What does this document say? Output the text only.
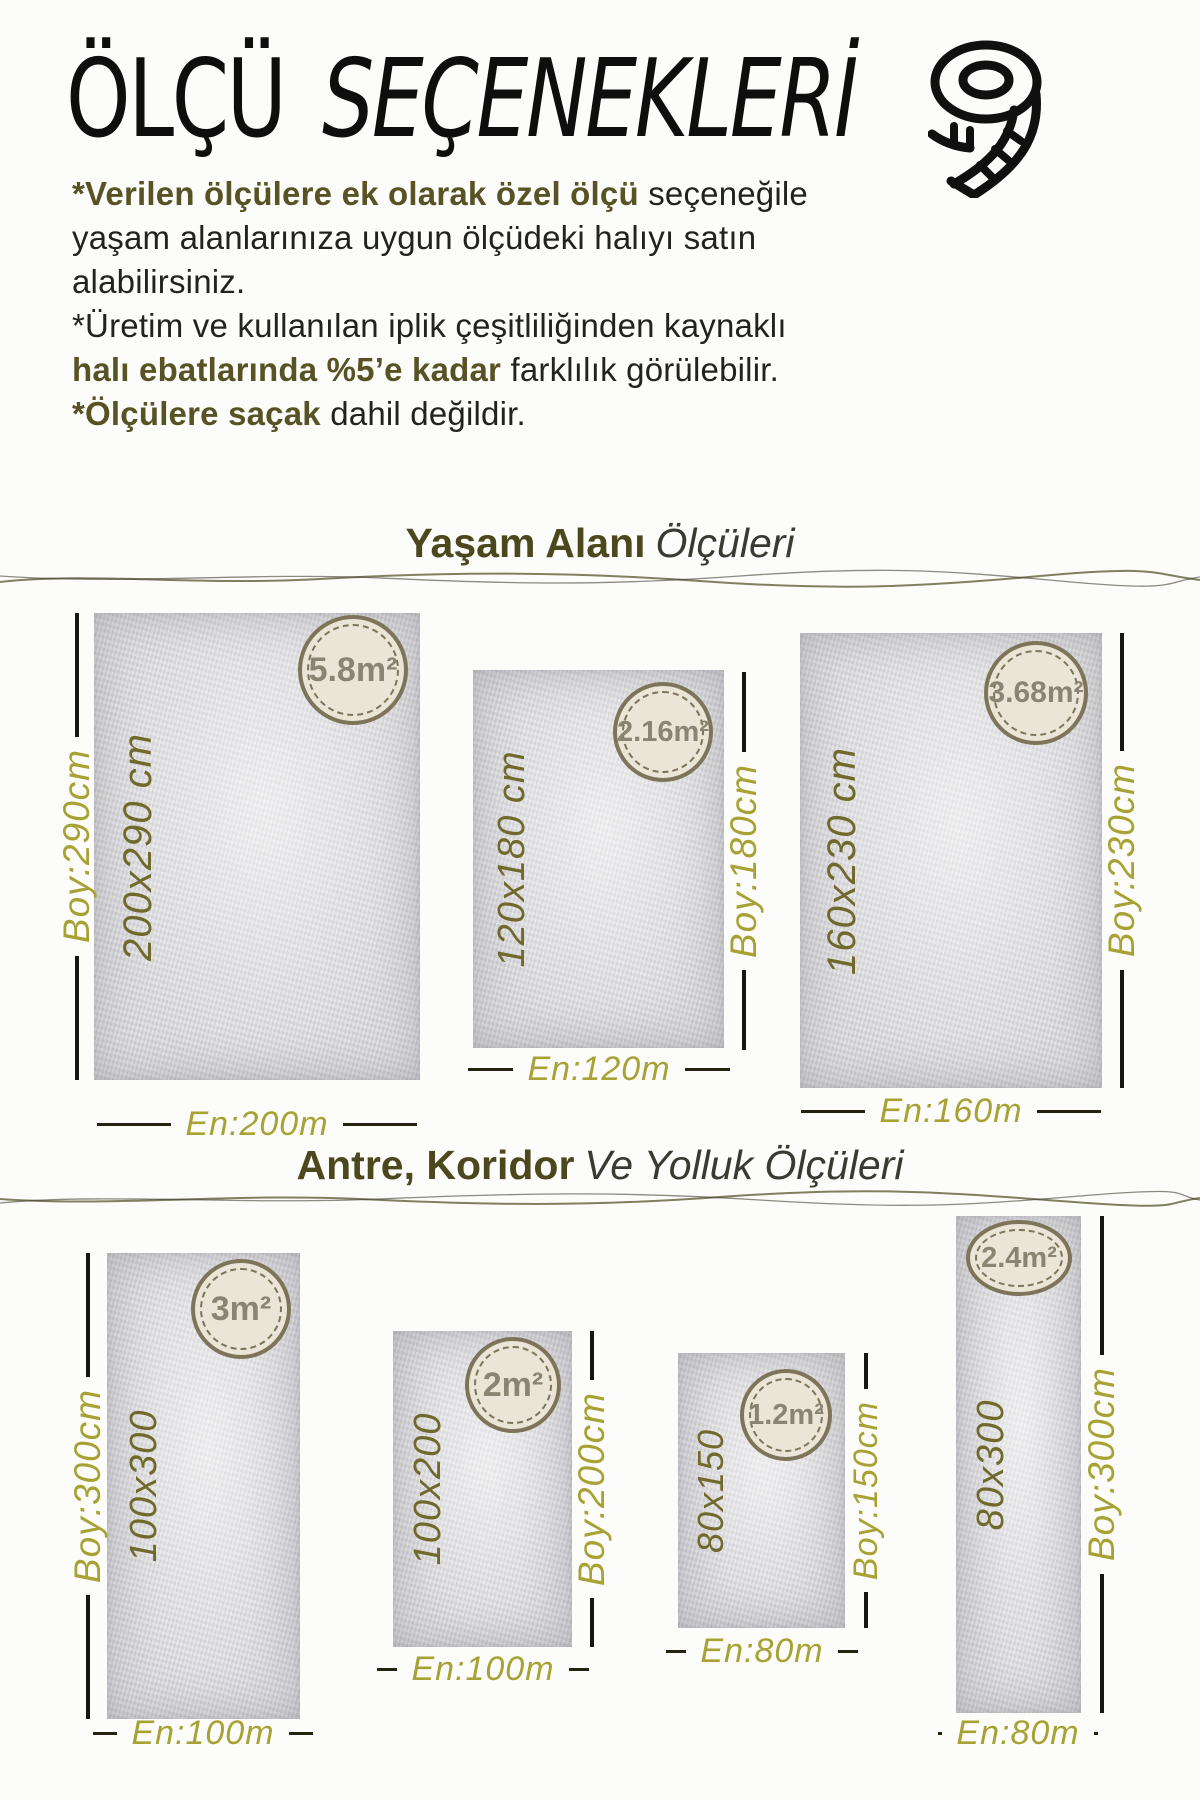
ÖLÇÜ SEÇENEKLERİ
*Verilen ölçülere ek olarak özel ölçü seçeneğile
yaşam alanlarınıza uygun ölçüdeki halıyı satın
alabilirsiniz.
*Üretim ve kullanılan iplik çeşitliliğinden kaynaklı
halı ebatlarında %5’e kadar farklılık görülebilir.
*Ölçülere saçak dahil değildir.
Yaşam Alanı Ölçüleri
5.8m²
200x290 cm
Boy:290cm
En:200m
2.16m²
120x180 cm	Boy:180cm
En:120m
3.68m²
160x230 cm	Boy:230cm
En:160m
Antre, Koridor Ve Yolluk Ölçüleri
3m²
100x300
Boy:300cm
En:100m
2m²
100x200	Boy:200cm
En:100m
1.2m²
80x150	Boy:150cm
En:80m
2.4m²
80x300 Boy:300cm
En:80m
